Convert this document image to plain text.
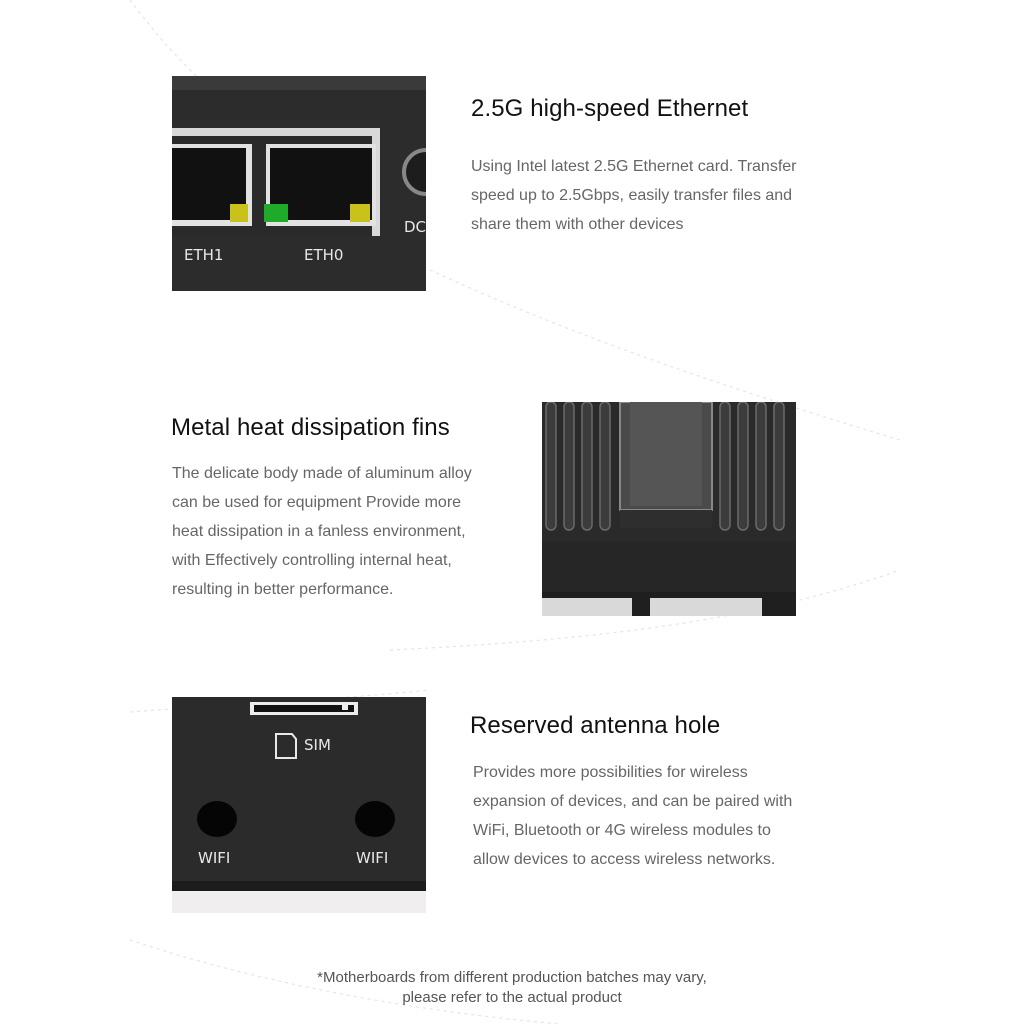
ETH1	ETH0
DC
2.5G high-speed Ethernet

Using Intel latest 2.5G Ethernet card. Transfer speed up to 2.5Gbps, easily transfer files and share them with other devices

Metal heat dissipation fins

The delicate body made of aluminum alloy can be used for equipment Provide more heat dissipation in a fanless environment, with Effectively controlling internal heat, resulting in better performance.

SIM
WIFI	WIFI
Reserved antenna hole

Provides more possibilities for wireless expansion of devices, and can be paired with WiFi, Bluetooth or 4G wireless modules to allow devices to access wireless networks.

*Motherboards from different production batches may vary,
please refer to the actual product
